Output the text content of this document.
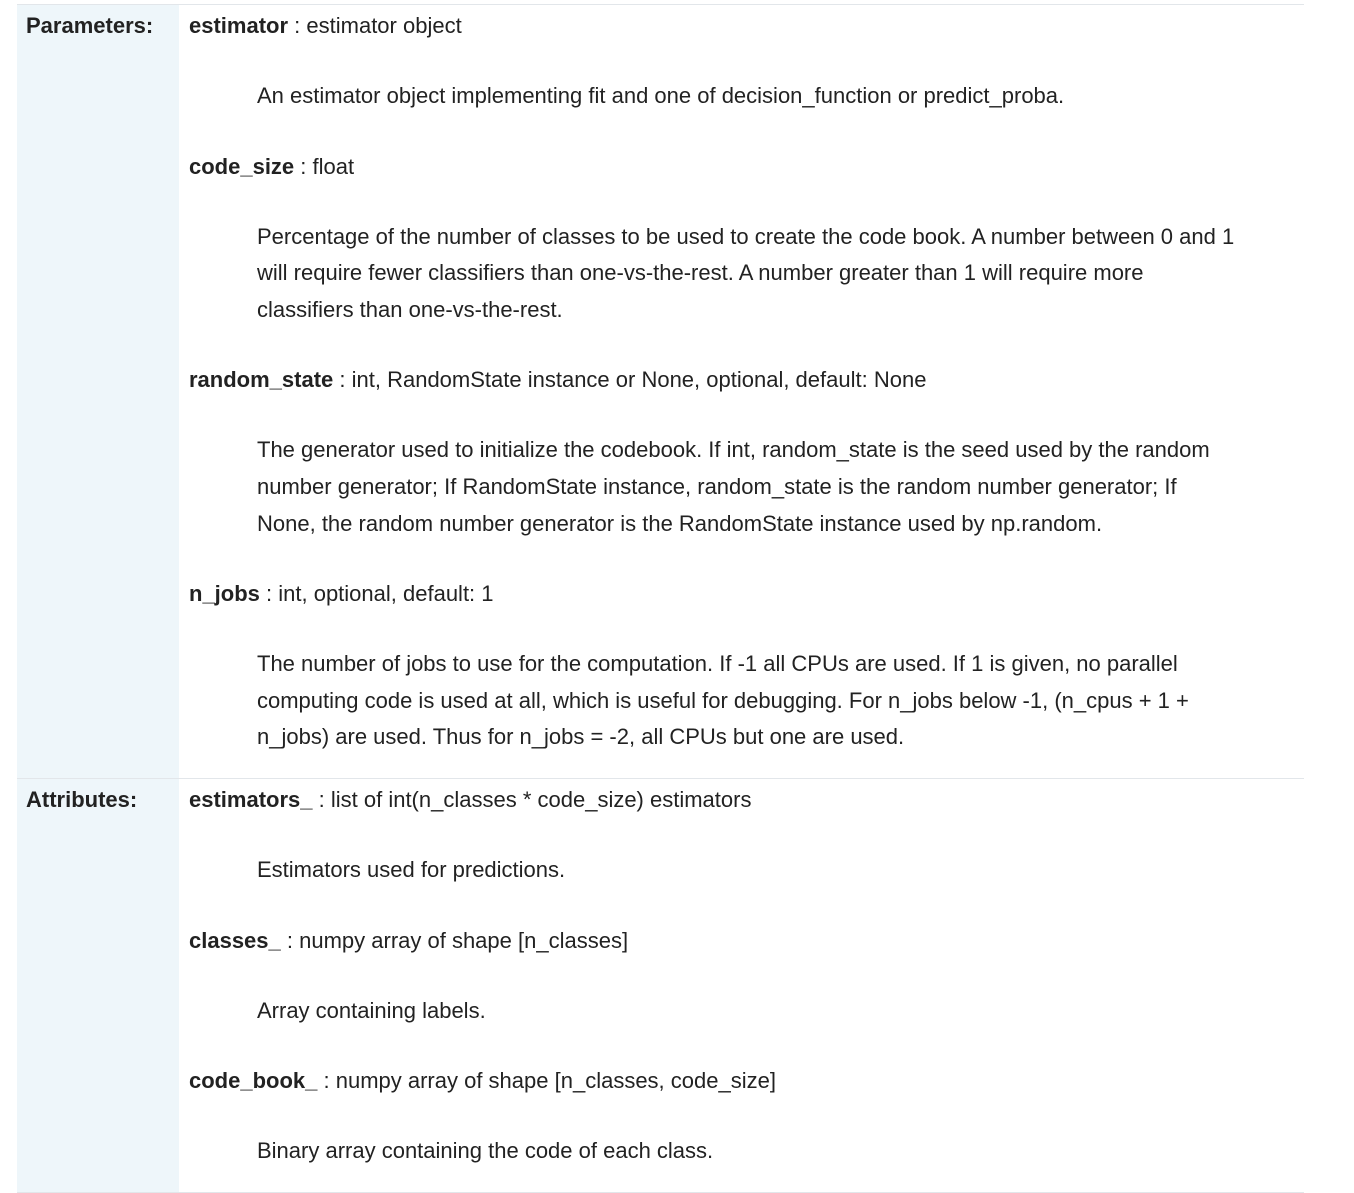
Parameters: estimator : estimator object

An estimator object implementing fit and one of decision_function or predict_proba.

code_size : float

Percentage of the number of classes to be used to create the code book. A number between 0 and 1 will require fewer classifiers than one-vs-the-rest. A number greater than 1 will require more classifiers than one-vs-the-rest.

random_state : int, RandomState instance or None, optional, default: None

The generator used to initialize the codebook. If int, random_state is the seed used by the random number generator; If RandomState instance, random_state is the random number generator; If None, the random number generator is the RandomState instance used by np.random.

n_jobs : int, optional, default: 1

The number of jobs to use for the computation. If -1 all CPUs are used. If 1 is given, no parallel computing code is used at all, which is useful for debugging. For n_jobs below -1, (n_cpus + 1 + n_jobs) are used. Thus for n_jobs = -2, all CPUs but one are used.
Attributes: estimators_ : list of int(n_classes * code_size) estimators

Estimators used for predictions.

classes_ : numpy array of shape [n_classes]

Array containing labels.

code_book_ : numpy array of shape [n_classes, code_size]

Binary array containing the code of each class.
